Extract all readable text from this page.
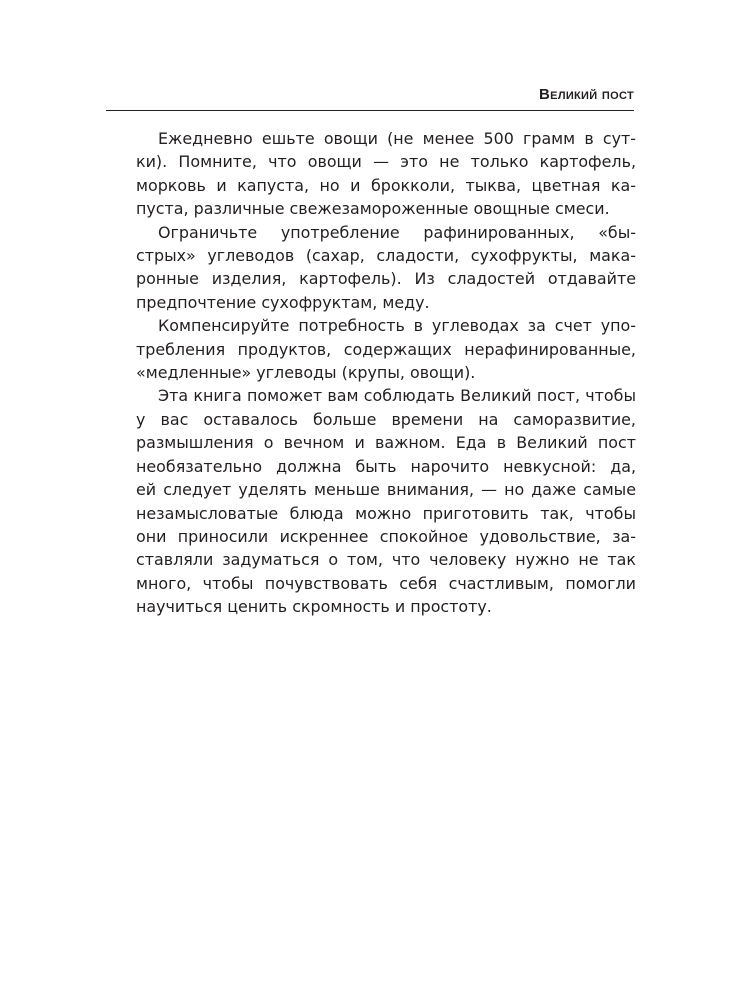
Великий пост

Ежедневно ешьте овощи (не менее 500 грамм в сут-
ки). Помните, что овощи — это не только картофель,
морковь и капуста, но и брокколи, тыква, цветная ка-
пуста, различные свежезамороженные овощные смеси.

Ограничьте употребление рафинированных, «бы-
стрых» углеводов (сахар, сладости, сухофрукты, мака-
ронные изделия, картофель). Из сладостей отдавайте
предпочтение сухофруктам, меду.

Компенсируйте потребность в углеводах за счет упо-
требления продуктов, содержащих нерафинированные,
«медленные» углеводы (крупы, овощи).

Эта книга поможет вам соблюдать Великий пост, чтобы
у вас оставалось больше времени на саморазвитие,
размышления о вечном и важном. Еда в Великий пост
необязательно должна быть нарочито невкусной: да,
ей следует уделять меньше внимания, — но даже самые
незамысловатые блюда можно приготовить так, чтобы
они приносили искреннее спокойное удовольствие, за-
ставляли задуматься о том, что человеку нужно не так
много, чтобы почувствовать себя счастливым, помогли
научиться ценить скромность и простоту.
